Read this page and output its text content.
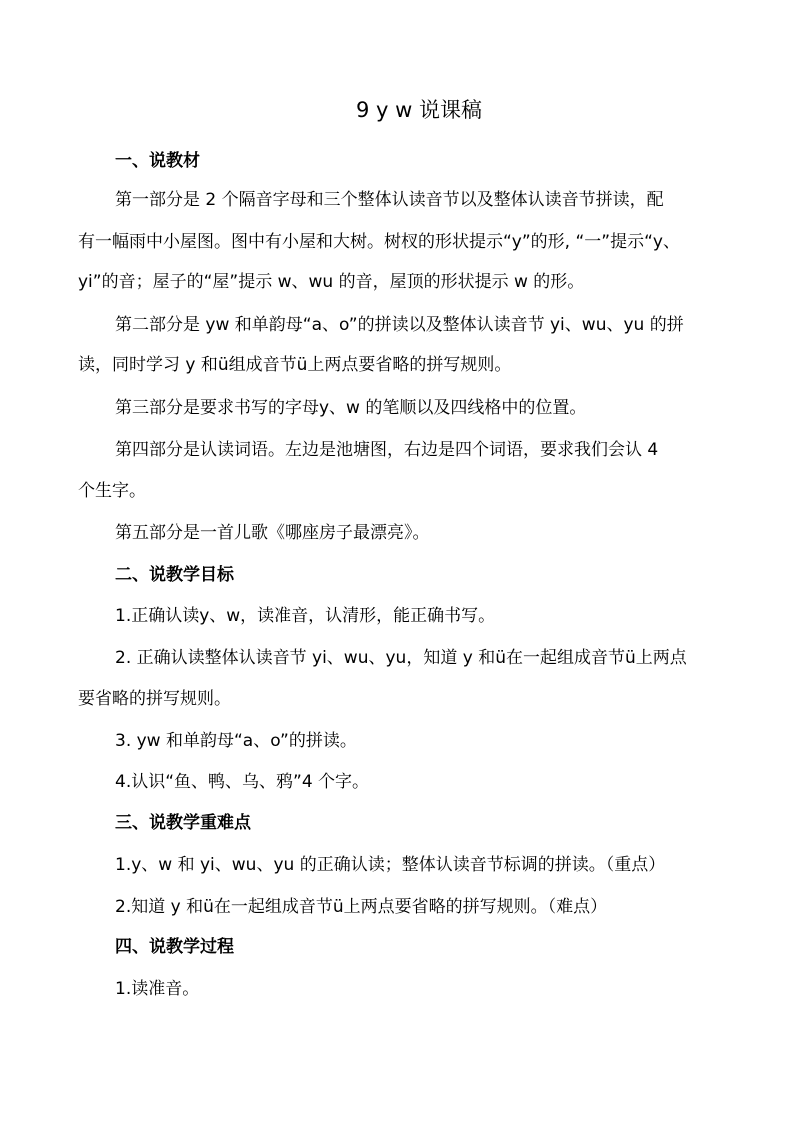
9 y w 说课稿
一、说教材
第一部分是 2 个隔音字母和三个整体认读音节以及整体认读音节拼读，配
有一幅雨中小屋图。图中有小屋和大树。树杈的形状提示“y”的形, “一”提示“y、
yi”的音；屋子的“屋”提示 w、wu 的音，屋顶的形状提示 w 的形。
第二部分是 yw 和单韵母“a、o”的拼读以及整体认读音节 yi、wu、yu 的拼
读，同时学习 y 和ü组成音节ü上两点要省略的拼写规则。
第三部分是要求书写的字母y、w 的笔顺以及四线格中的位置。
第四部分是认读词语。左边是池塘图，右边是四个词语，要求我们会认 4
个生字。
第五部分是一首儿歌《哪座房子最漂亮》。
二、说教学目标
1.正确认读y、w，读准音，认清形，能正确书写。
2. 正确认读整体认读音节 yi、wu、yu，知道 y 和ü在一起组成音节ü上两点
要省略的拼写规则。
3. yw 和单韵母“a、o”的拼读。
4.认识“鱼、鸭、乌、鸦”4 个字。
三、说教学重难点
1.y、w 和 yi、wu、yu 的正确认读；整体认读音节标调的拼读。（重点）
2.知道 y 和ü在一起组成音节ü上两点要省略的拼写规则。（难点）
四、说教学过程
1.读准音。
